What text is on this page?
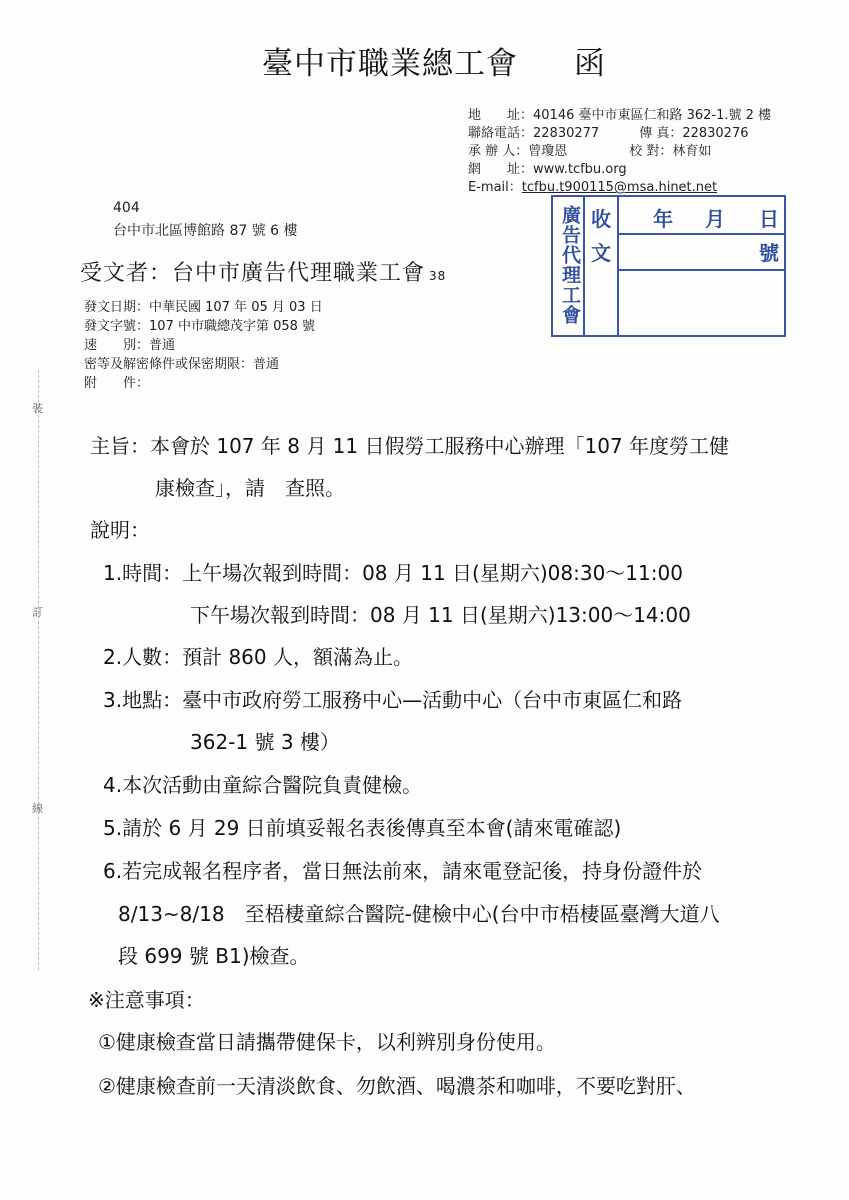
臺中市職業總工會 函
地　　址：40146 臺中市東區仁和路 362-1.號 2 樓
聯絡電話：22830277	傳 真：22830276
承 辦 人：曾瓊恩	校 對：林育如
網　　址：www.tcfbu.org
E-mail：tcfbu.t900115@msa.hinet.net
404
台中市北區博館路 87 號 6 樓
受文者：台中市廣告代理職業工會 38	廣告代理工會 收
文
年 月 日
號
發文日期：中華民國 107 年 05 月 03 日
發文字號：107 中市職總茂字第 058 號
速　　別：普通
密等及解密條件或保密期限：普通
附　　件：
裝
訂
線

主旨：本會於 107 年 8 月 11 日假勞工服務中心辦理「107 年度勞工健
康檢查」，請　查照。
說明：
1.時間：上午場次報到時間：08 月 11 日(星期六)08:30～11:00
下午場次報到時間：08 月 11 日(星期六)13:00～14:00
2.人數：預計 860 人，額滿為止。
3.地點：臺中市政府勞工服務中心—活動中心（台中市東區仁和路
362-1 號 3 樓）
4.本次活動由童綜合醫院負責健檢。
5.請於 6 月 29 日前填妥報名表後傳真至本會(請來電確認)
6.若完成報名程序者，當日無法前來，請來電登記後，持身份證件於
8/13~8/18　至梧棲童綜合醫院-健檢中心(台中市梧棲區臺灣大道八
段 699 號 B1)檢查。
※注意事項：
①健康檢查當日請攜帶健保卡，以利辨別身份使用。
②健康檢查前一天清淡飲食、勿飲酒、喝濃茶和咖啡，不要吃對肝、
